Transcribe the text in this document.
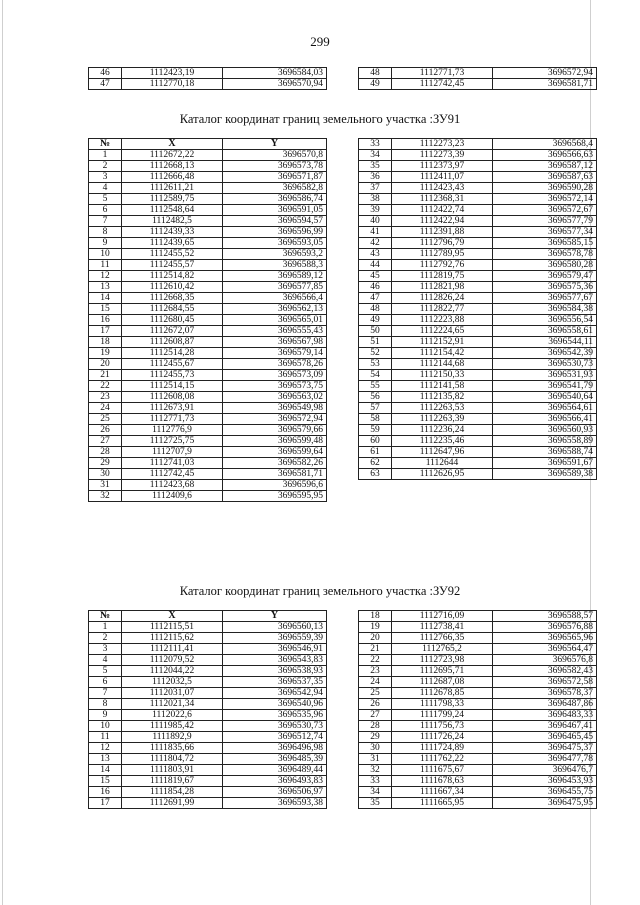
299
46	1112423,19	3696584,03
47	1112770,18	3696570,94
48	1112771,73	3696572,94
49	1112742,45	3696581,71
Каталог координат границ земельного участка :ЗУ91
№	X	Y
1	1112672,22	3696570,8
2	1112668,13	3696573,78
3	1112666,48	3696571,87
4	1112611,21	3696582,8
5	1112589,75	3696586,74
6	1112548,64	3696591,05
7	1112482,5	3696594,57
8	1112439,33	3696596,99
9	1112439,65	3696593,05
10	1112455,52	3696593,2
11	1112455,57	3696588,3
12	1112514,82	3696589,12
13	1112610,42	3696577,85
14	1112668,35	3696566,4
15	1112684,55	3696562,13
16	1112680,45	3696565,01
17	1112672,07	3696555,43
18	1112608,87	3696567,98
19	1112514,28	3696579,14
20	1112455,67	3696578,26
21	1112455,73	3696573,09
22	1112514,15	3696573,75
23	1112608,08	3696563,02
24	1112673,91	3696549,98
25	1112771,73	3696572,94
26	1112776,9	3696579,66
27	1112725,75	3696599,48
28	1112707,9	3696599,64
29	1112741,03	3696582,26
30	1112742,45	3696581,71
31	1112423,68	3696596,6
32	1112409,6	3696595,95
33	1112273,23	3696568,4
34	1112273,39	3696566,63
35	1112373,97	3696587,12
36	1112411,07	3696587,63
37	1112423,43	3696590,28
38	1112368,31	3696572,14
39	1112422,74	3696572,67
40	1112422,94	3696577,79
41	1112391,88	3696577,34
42	1112796,79	3696585,15
43	1112789,95	3696578,78
44	1112792,76	3696580,28
45	1112819,75	3696579,47
46	1112821,98	3696575,36
47	1112826,24	3696577,67
48	1112822,77	3696584,38
49	1112223,88	3696556,54
50	1112224,65	3696558,61
51	1112152,91	3696544,11
52	1112154,42	3696542,39
53	1112144,68	3696530,73
54	1112150,33	3696531,93
55	1112141,58	3696541,79
56	1112135,82	3696540,64
57	1112263,53	3696564,61
58	1112263,39	3696566,41
59	1112236,24	3696560,93
60	1112235,46	3696558,89
61	1112647,96	3696588,74
62	1112644	3696591,67
63	1112626,95	3696589,38
Каталог координат границ земельного участка :ЗУ92
№	X	Y
1	1112115,51	3696560,13
2	1112115,62	3696559,39
3	1112111,41	3696546,91
4	1112079,52	3696543,83
5	1112044,22	3696538,93
6	1112032,5	3696537,35
7	1112031,07	3696542,94
8	1112021,34	3696540,96
9	1112022,6	3696535,96
10	1111985,42	3696530,73
11	1111892,9	3696512,74
12	1111835,66	3696496,98
13	1111804,72	3696485,39
14	1111803,91	3696489,44
15	1111819,67	3696493,83
16	1111854,28	3696506,97
17	1112691,99	3696593,38
18	1112716,09	3696588,57
19	1112738,41	3696576,88
20	1112766,35	3696565,96
21	1112765,2	3696564,47
22	1112723,98	3696576,8
23	1112695,71	3696582,43
24	1112687,08	3696572,58
25	1112678,85	3696578,37
26	1111798,33	3696487,86
27	1111799,24	3696483,33
28	1111756,73	3696467,41
29	1111726,24	3696465,45
30	1111724,89	3696475,37
31	1111762,22	3696477,78
32	1111675,67	3696476,7
33	1111678,63	3696453,93
34	1111667,34	3696455,75
35	1111665,95	3696475,95
